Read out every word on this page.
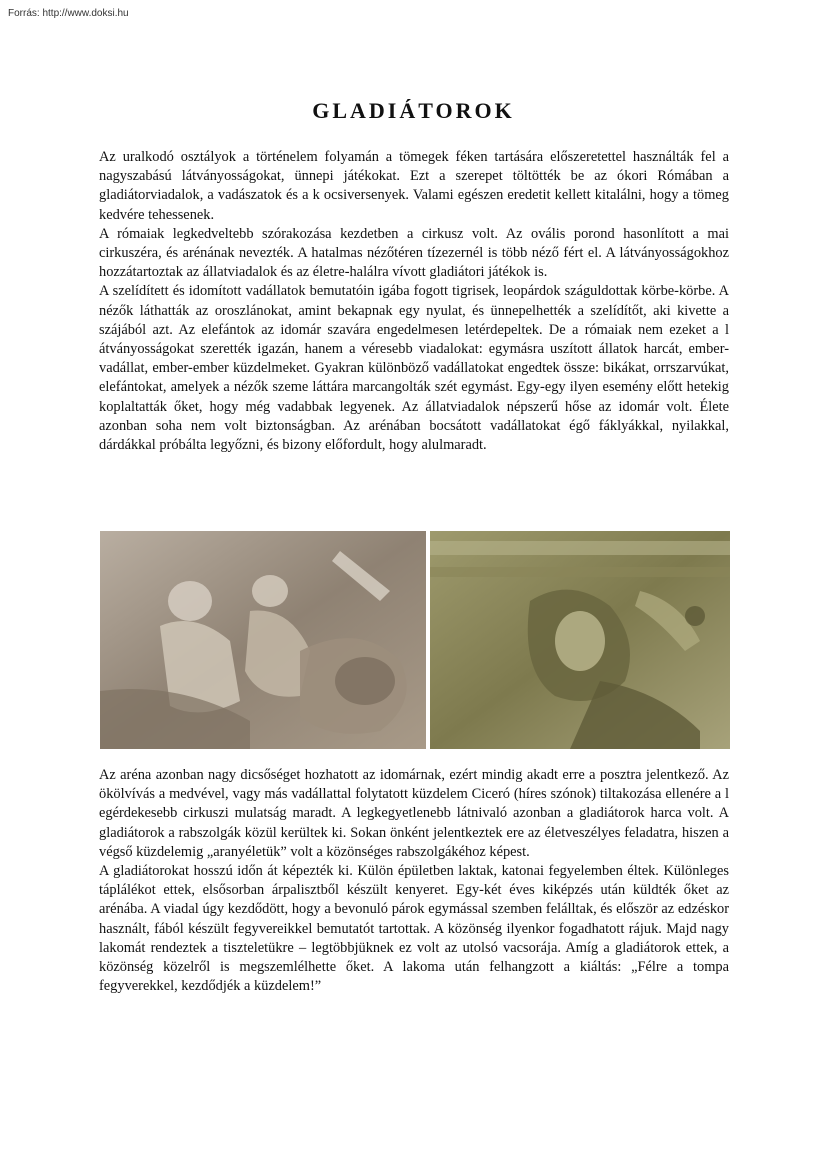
Forrás: http://www.doksi.hu
GLADIÁTOROK

Az uralkodó osztályok a történelem folyamán a tömegek féken tartására előszeretettel használták fel a nagyszabású látványosságokat, ünnepi játékokat. Ezt a szerepet töltötték be az ókori Rómában a gladiátorviadalok, a vadászatok és a k ocsiversenyek. Valami egészen eredetit kellett kitalálni, hogy a tömeg kedvére tehessenek.

A rómaiak legkedveltebb szórakozása kezdetben a cirkusz volt. Az ovális porond hasonlított a mai cirkuszéra, és arénának nevezték. A hatalmas nézőtéren tízezernél is több néző fért el. A látványosságokhoz hozzátartoztak az állatviadalok és az életre-halálra vívott gladiátori játékok is.

A szelídített és idomított vadállatok bemutatóin igába fogott tigrisek, leopárdok száguldottak körbe-körbe. A nézők láthatták az oroszlánokat, amint bekapnak egy nyulat, és ünnepelhették a szelídítőt, aki kivette a szájából azt. Az elefántok az idomár szavára engedelmesen letérdepeltek. De a rómaiak nem ezeket a l átványosságokat szerették igazán, hanem a véresebb viadalokat: egymásra uszított állatok harcát, ember-vadállat, ember-ember küzdelmeket. Gyakran különböző vadállatokat engedtek össze: bikákat, orrszarvúkat, elefántokat, amelyek a nézők szeme láttára marcangolták szét egymást. Egy-egy ilyen esemény előtt hetekig koplaltatták őket, hogy még vadabbak legyenek. Az állatviadalok népszerű hőse az idomár volt. Élete azonban soha nem volt biztonságban. Az arénában bocsátott vadállatokat égő fáklyákkal, nyilakkal, dárdákkal próbálta legyőzni, és bizony előfordult, hogy alulmaradt.

Az aréna azonban nagy dicsőséget hozhatott az idomárnak, ezért mindig akadt erre a posztra jelentkező. Az ökölvívás a medvével, vagy más vadállattal folytatott küzdelem Ciceró (híres szónok) tiltakozása ellenére a l egérdekesebb cirkuszi mulatság maradt. A legkegyetlenebb látnivaló azonban a gladiátorok harca volt. A gladiátorok a rabszolgák közül kerültek ki. Sokan önként jelentkeztek ere az életveszélyes feladatra, hiszen a végső küzdelemig „aranyéletük” volt a közönséges rabszolgákéhoz képest.

A gladiátorokat hosszú időn át képezték ki. Külön épületben laktak, katonai fegyelemben éltek. Különleges táplálékot ettek, elsősorban árpalisztből készült kenyeret. Egy-két éves kiképzés után küldték őket az arénába. A viadal úgy kezdődött, hogy a bevonuló párok egymással szemben felálltak, és először az edzéskor használt, fából készült fegyvereikkel bemutatót tartottak. A közönség ilyenkor fogadhatott rájuk. Majd nagy lakomát rendeztek a tiszteletükre – legtöbbjüknek ez volt az utolsó vacsorája. Amíg a gladiátorok ettek, a közönség közelről is megszemlélhette őket. A lakoma után felhangzott a kiáltás: „Félre a tompa fegyverekkel, kezdődjék a küzdelem!”
